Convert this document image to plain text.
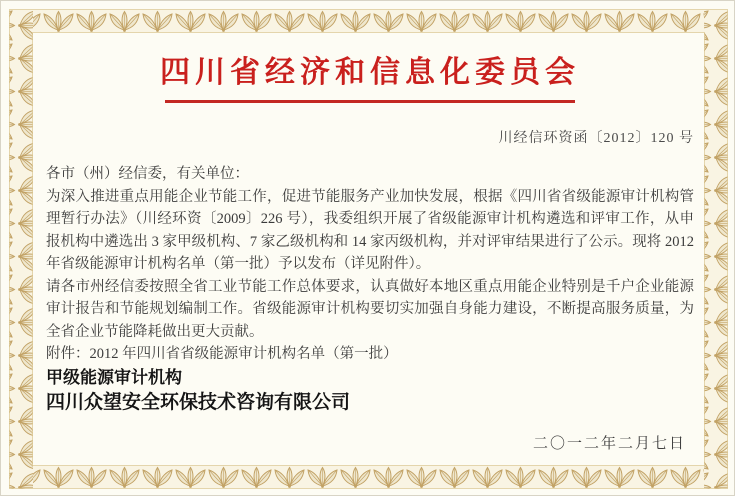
四川省经济和信息化委员会
川经信环资函〔2012〕120 号

各市（州）经信委，有关单位：

为深入推进重点用能企业节能工作，促进节能服务产业加快发展，根据《四川省省级能源审计机构管理暂行办法》（川经环资〔2009〕226 号），我委组织开展了省级能源审计机构遴选和评审工作，从申报机构中遴选出 3 家甲级机构、7 家乙级机构和 14 家丙级机构，并对评审结果进行了公示。现将 2012 年省级能源审计机构名单（第一批）予以发布（详见附件）。

请各市州经信委按照全省工业节能工作总体要求，认真做好本地区重点用能企业特别是千户企业能源审计报告和节能规划编制工作。省级能源审计机构要切实加强自身能力建设，不断提高服务质量，为全省企业节能降耗做出更大贡献。

附件：2012 年四川省省级能源审计机构名单（第一批）

甲级能源审计机构

四川众望安全环保技术咨询有限公司

二〇一二年二月七日
